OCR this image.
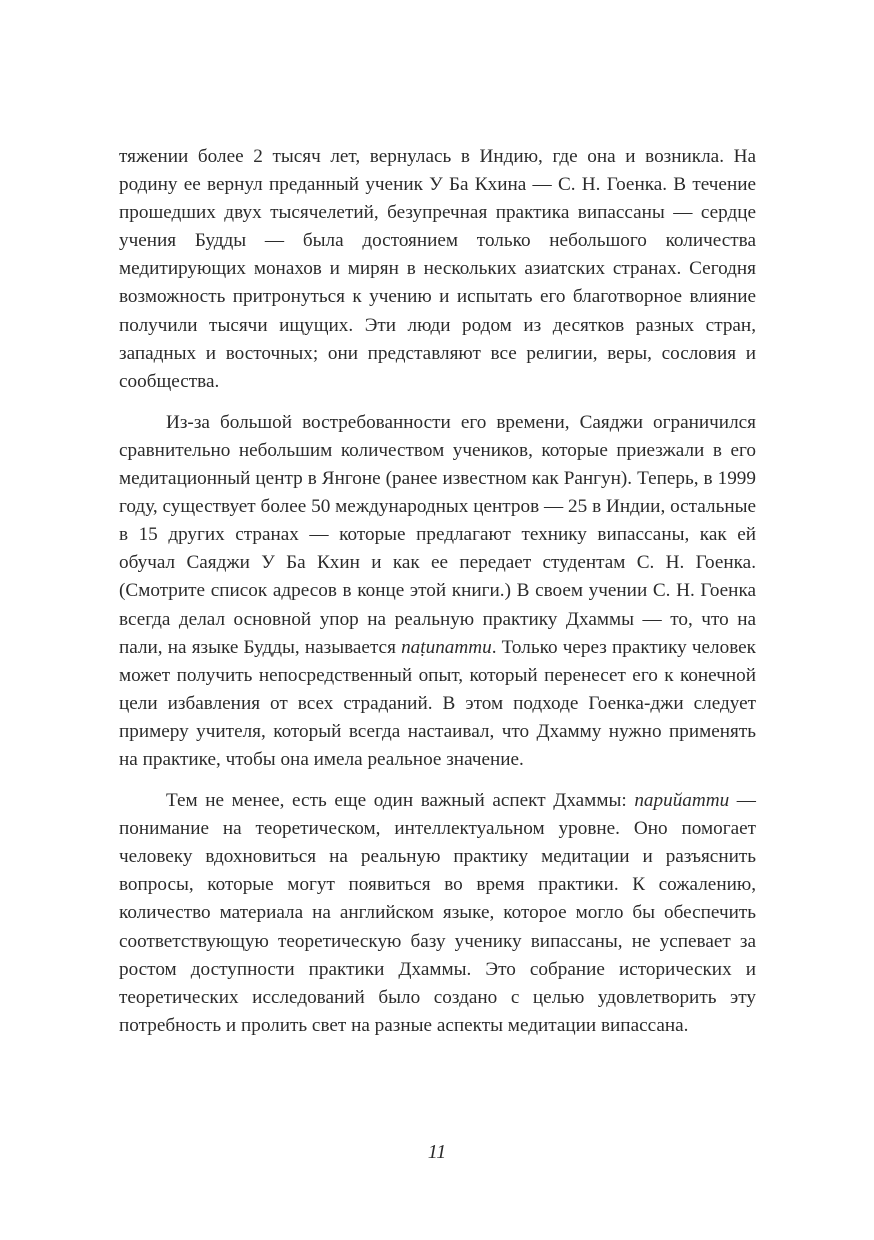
тяжении более 2 тысяч лет, вернулась в Индию, где она и возникла. На родину ее вернул преданный ученик У Ба Кхина — С. Н. Гоенка. В течение прошедших двух тысячелетий, безупречная практика випассаны — сердце учения Будды — была достоянием только небольшого количества медитирующих монахов и мирян в нескольких азиатских странах. Сегодня возможность притронуться к учению и испытать его благотворное влияние получили тысячи ищущих. Эти люди родом из десятков разных стран, западных и восточных; они представляют все религии, веры, сословия и сообщества.

Из-за большой востребованности его времени, Саяджи ограничился сравнительно небольшим количеством учеников, которые приезжали в его медитационный центр в Янгоне (ранее известном как Рангун). Теперь, в 1999 году, существует более 50 международных центров — 25 в Индии, остальные в 15 других странах — которые предлагают технику випассаны, как ей обучал Саяджи У Ба Кхин и как ее передает студентам С. Н. Гоенка. (Смотрите список адресов в конце этой книги.) В своем учении С. Н. Гоенка всегда делал основной упор на реальную практику Дхаммы — то, что на пали, на языке Будды, называется паṭипатти. Только через практику человек может получить непосредственный опыт, который перенесет его к конечной цели избавления от всех страданий. В этом подходе Гоенка-джи следует примеру учителя, который всегда настаивал, что Дхамму нужно применять на практике, чтобы она имела реальное значение.

Тем не менее, есть еще один важный аспект Дхаммы: парийатти — понимание на теоретическом, интеллектуальном уровне. Оно помогает человеку вдохновиться на реальную практику медитации и разъяснить вопросы, которые могут появиться во время практики. К сожалению, количество материала на английском языке, которое могло бы обеспечить соответствующую теоретическую базу ученику випассаны, не успевает за ростом доступности практики Дхаммы. Это собрание исторических и теоретических исследований было создано с целью удовлетворить эту потребность и пролить свет на разные аспекты медитации випассана.

11
